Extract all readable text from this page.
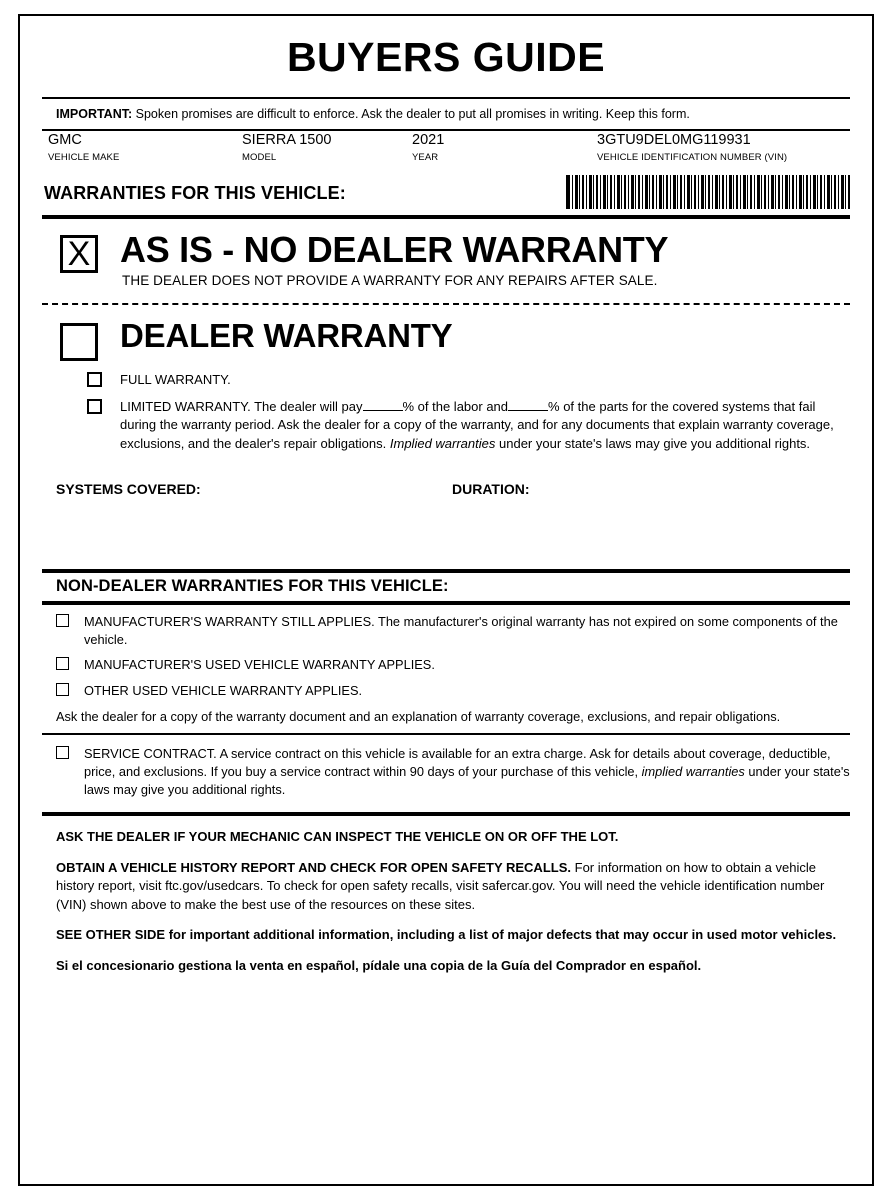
BUYERS GUIDE
IMPORTANT: Spoken promises are difficult to enforce. Ask the dealer to put all promises in writing. Keep this form.
GMC
VEHICLE MAKE
SIERRA 1500
MODEL
2021
YEAR
3GTU9DEL0MG119931
VEHICLE IDENTIFICATION NUMBER (VIN)
WARRANTIES FOR THIS VEHICLE:
X AS IS - NO DEALER WARRANTY
THE DEALER DOES NOT PROVIDE A WARRANTY FOR ANY REPAIRS AFTER SALE.
DEALER WARRANTY
FULL WARRANTY.
LIMITED WARRANTY. The dealer will pay	% of the labor and	% of the parts for the covered systems that fail during the warranty period. Ask the dealer for a copy of the warranty, and for any documents that explain warranty coverage, exclusions, and the dealer's repair obligations. Implied warranties under your state's laws may give you additional rights.
SYSTEMS COVERED:	DURATION:
NON-DEALER WARRANTIES FOR THIS VEHICLE:
MANUFACTURER'S WARRANTY STILL APPLIES. The manufacturer's original warranty has not expired on some components of the vehicle.
MANUFACTURER'S USED VEHICLE WARRANTY APPLIES.
OTHER USED VEHICLE WARRANTY APPLIES.
Ask the dealer for a copy of the warranty document and an explanation of warranty coverage, exclusions, and repair obligations.
SERVICE CONTRACT. A service contract on this vehicle is available for an extra charge. Ask for details about coverage, deductible, price, and exclusions. If you buy a service contract within 90 days of your purchase of this vehicle, implied warranties under your state's laws may give you additional rights.
ASK THE DEALER IF YOUR MECHANIC CAN INSPECT THE VEHICLE ON OR OFF THE LOT.
OBTAIN A VEHICLE HISTORY REPORT AND CHECK FOR OPEN SAFETY RECALLS. For information on how to obtain a vehicle history report, visit ftc.gov/usedcars. To check for open safety recalls, visit safercar.gov. You will need the vehicle identification number (VIN) shown above to make the best use of the resources on these sites.
SEE OTHER SIDE for important additional information, including a list of major defects that may occur in used motor vehicles.
Si el concesionario gestiona la venta en español, pídale una copia de la Guía del Comprador en español.
